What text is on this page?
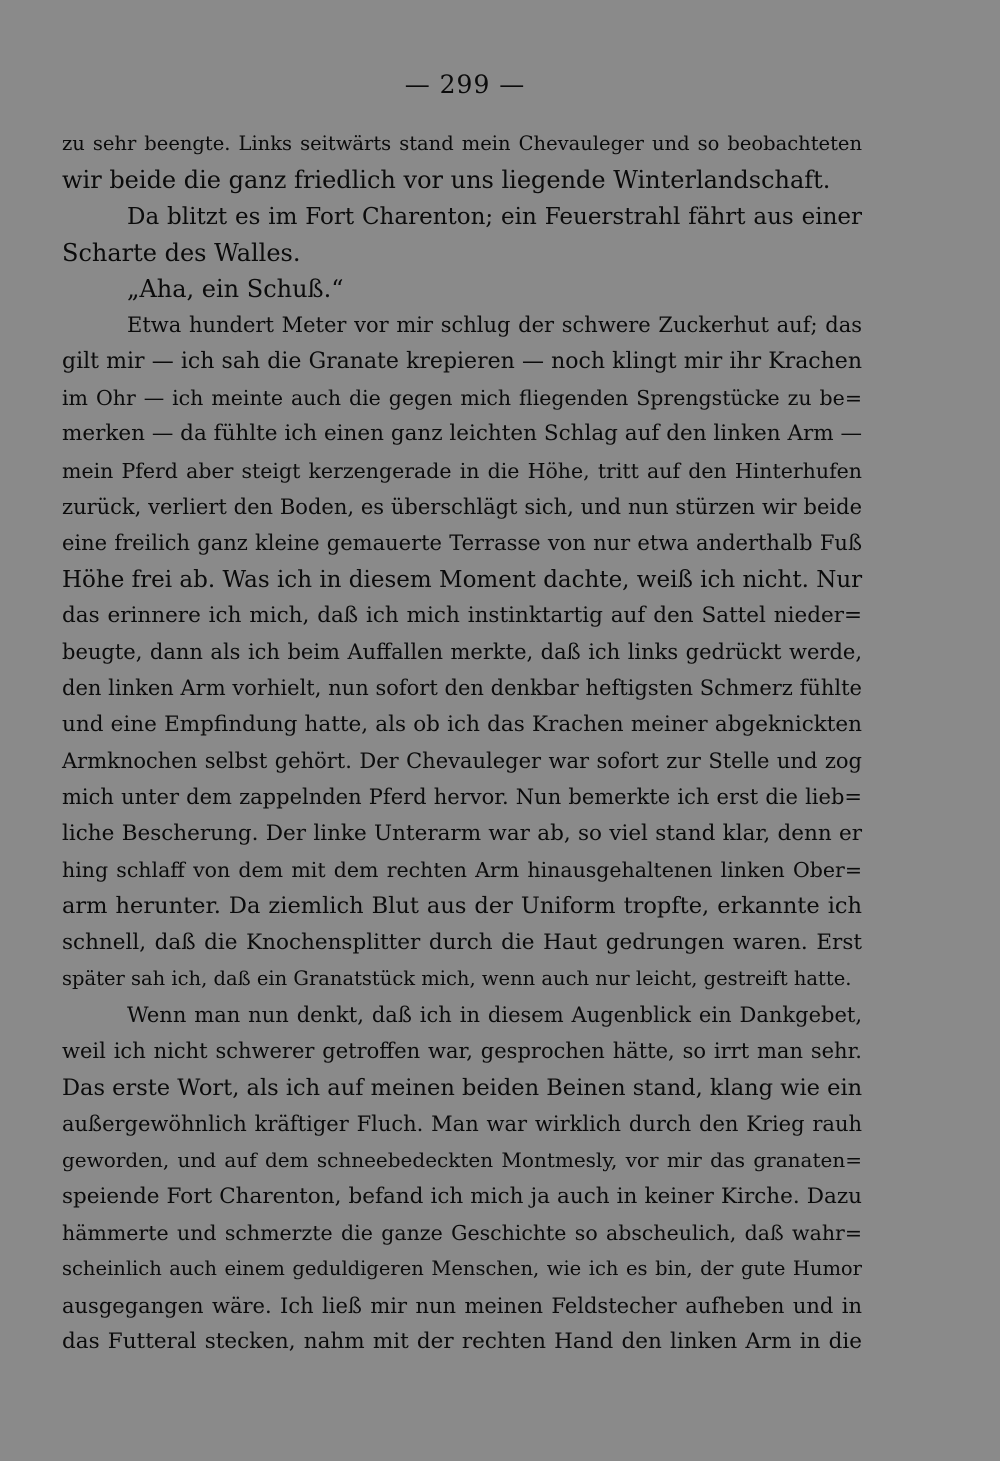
— 299 —
zu sehr beengte. Links seitwärts stand mein Chevauleger und so beobachteten
wir beide die ganz friedlich vor uns liegende Winterlandschaft.
Da blitzt es im Fort Charenton; ein Feuerstrahl fährt aus einer
Scharte des Walles.
„Aha, ein Schuß.“
Etwa hundert Meter vor mir schlug der schwere Zuckerhut auf; das
gilt mir — ich sah die Granate krepieren — noch klingt mir ihr Krachen
im Ohr — ich meinte auch die gegen mich fliegenden Sprengstücke zu be=
merken — da fühlte ich einen ganz leichten Schlag auf den linken Arm —
mein Pferd aber steigt kerzengerade in die Höhe, tritt auf den Hinterhufen
zurück, verliert den Boden, es überschlägt sich, und nun stürzen wir beide
eine freilich ganz kleine gemauerte Terrasse von nur etwa anderthalb Fuß
Höhe frei ab. Was ich in diesem Moment dachte, weiß ich nicht. Nur
das erinnere ich mich, daß ich mich instinktartig auf den Sattel nieder=
beugte, dann als ich beim Auffallen merkte, daß ich links gedrückt werde,
den linken Arm vorhielt, nun sofort den denkbar heftigsten Schmerz fühlte
und eine Empfindung hatte, als ob ich das Krachen meiner abgeknickten
Armknochen selbst gehört. Der Chevauleger war sofort zur Stelle und zog
mich unter dem zappelnden Pferd hervor. Nun bemerkte ich erst die lieb=
liche Bescherung. Der linke Unterarm war ab, so viel stand klar, denn er
hing schlaff von dem mit dem rechten Arm hinausgehaltenen linken Ober=
arm herunter. Da ziemlich Blut aus der Uniform tropfte, erkannte ich
schnell, daß die Knochensplitter durch die Haut gedrungen waren. Erst
später sah ich, daß ein Granatstück mich, wenn auch nur leicht, gestreift hatte.
Wenn man nun denkt, daß ich in diesem Augenblick ein Dankgebet,
weil ich nicht schwerer getroffen war, gesprochen hätte, so irrt man sehr.
Das erste Wort, als ich auf meinen beiden Beinen stand, klang wie ein
außergewöhnlich kräftiger Fluch. Man war wirklich durch den Krieg rauh
geworden, und auf dem schneebedeckten Montmesly, vor mir das granaten=
speiende Fort Charenton, befand ich mich ja auch in keiner Kirche. Dazu
hämmerte und schmerzte die ganze Geschichte so abscheulich, daß wahr=
scheinlich auch einem geduldigeren Menschen, wie ich es bin, der gute Humor
ausgegangen wäre. Ich ließ mir nun meinen Feldstecher aufheben und in
das Futteral stecken, nahm mit der rechten Hand den linken Arm in die
